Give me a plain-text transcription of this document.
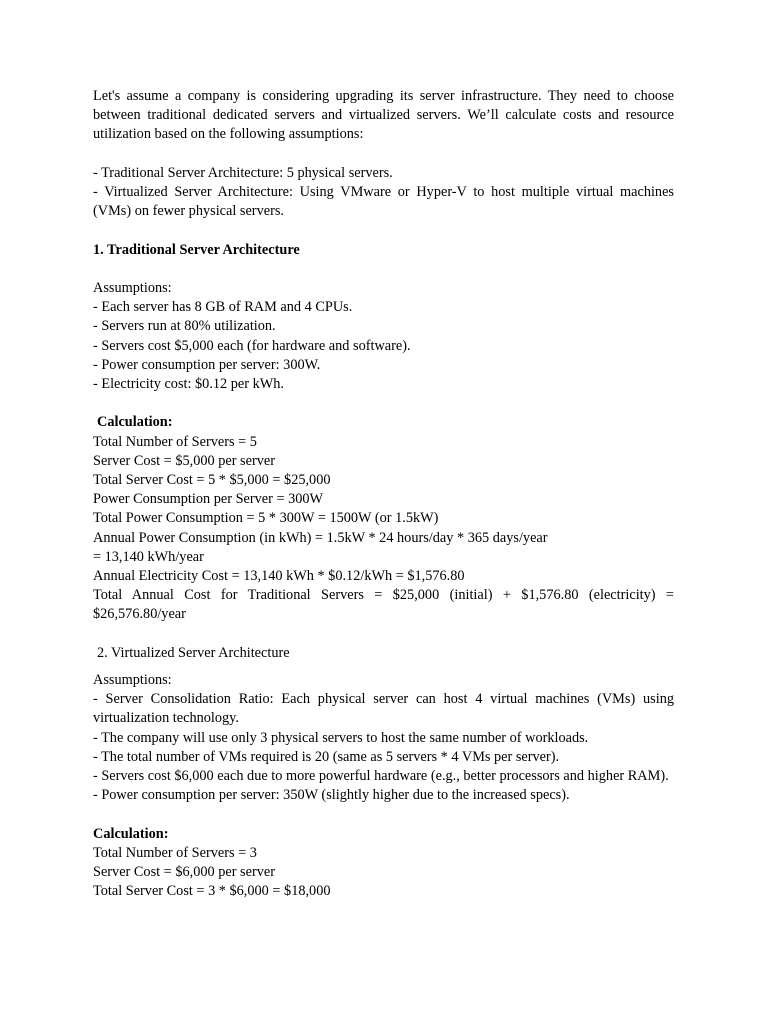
Let's assume a company is considering upgrading its server infrastructure. They need to choose between traditional dedicated servers and virtualized servers. We’ll calculate costs and resource utilization based on the following assumptions:

- Traditional Server Architecture: 5 physical servers.

- Virtualized Server Architecture: Using VMware or Hyper-V to host multiple virtual machines (VMs) on fewer physical servers.

1. Traditional Server Architecture

Assumptions:

- Each server has 8 GB of RAM and 4 CPUs.

- Servers run at 80% utilization.

- Servers cost $5,000 each (for hardware and software).

- Power consumption per server: 300W.

- Electricity cost: $0.12 per kWh.

Calculation:

Total Number of Servers = 5

Server Cost = $5,000 per server

Total Server Cost = 5 * $5,000 = $25,000

Power Consumption per Server = 300W

Total Power Consumption = 5 * 300W = 1500W (or 1.5kW)

Annual Power Consumption (in kWh) = 1.5kW * 24 hours/day * 365 days/year

= 13,140 kWh/year

Annual Electricity Cost = 13,140 kWh * $0.12/kWh = $1,576.80

Total Annual Cost for Traditional Servers = $25,000 (initial) + $1,576.80 (electricity) = $26,576.80/year

2. Virtualized Server Architecture

Assumptions:

- Server Consolidation Ratio: Each physical server can host 4 virtual machines (VMs) using virtualization technology.

- The company will use only 3 physical servers to host the same number of workloads.

- The total number of VMs required is 20 (same as 5 servers * 4 VMs per server).

- Servers cost $6,000 each due to more powerful hardware (e.g., better processors and higher RAM).

- Power consumption per server: 350W (slightly higher due to the increased specs).

Calculation:

Total Number of Servers = 3

Server Cost = $6,000 per server

Total Server Cost = 3 * $6,000 = $18,000
